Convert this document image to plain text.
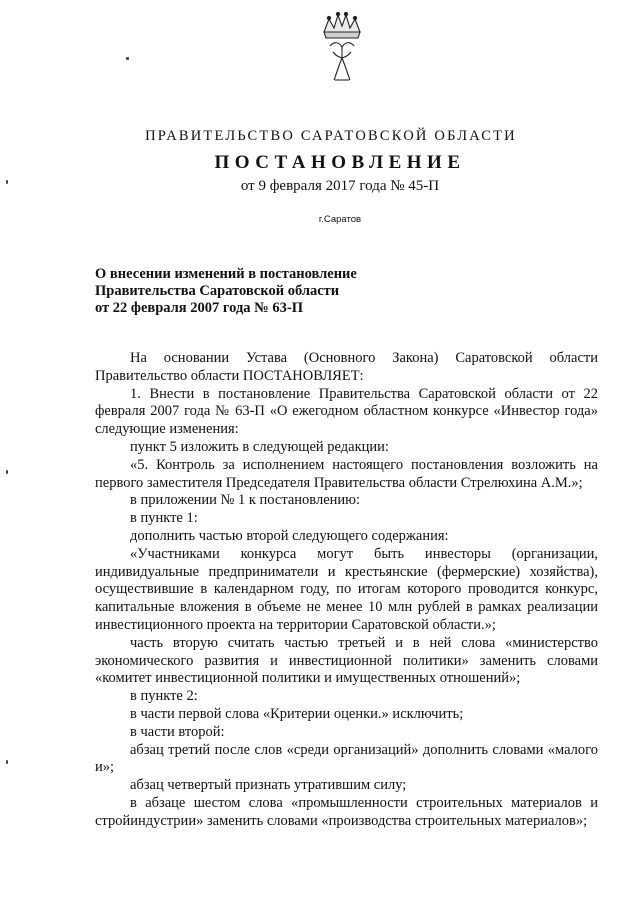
ПРАВИТЕЛЬСТВО САРАТОВСКОЙ ОБЛАСТИ
ПОСТАНОВЛЕНИЕ
от 9 февраля 2017 года № 45-П
г.Саратов
О внесении изменений в постановление
Правительства Саратовской области
от 22 февраля 2007 года № 63-П

На основании Устава (Основного Закона) Саратовской области Правительство области ПОСТАНОВЛЯЕТ:

1. Внести в постановление Правительства Саратовской области от 22 февраля 2007 года № 63-П «О ежегодном областном конкурсе «Инвестор года» следующие изменения:

пункт 5 изложить в следующей редакции:

«5. Контроль за исполнением настоящего постановления возложить на первого заместителя Председателя Правительства области Стрелюхина А.М.»;

в приложении № 1 к постановлению:

в пункте 1:

дополнить частью второй следующего содержания:

«Участниками конкурса могут быть инвесторы (организации, индивидуальные предприниматели и крестьянские (фермерские) хозяйства), осуществившие в календарном году, по итогам которого проводится конкурс, капитальные вложения в объеме не менее 10 млн рублей в рамках реализации инвестиционного проекта на территории Саратовской области.»;

часть вторую считать частью третьей и в ней слова «министерство экономического развития и инвестиционной политики» заменить словами «комитет инвестиционной политики и имущественных отношений»;

в пункте 2:

в части первой слова «Критерии оценки.» исключить;

в части второй:

абзац третий после слов «среди организаций» дополнить словами «малого и»;

абзац четвертый признать утратившим силу;

в абзаце шестом слова «промышленности строительных материалов и стройиндустрии» заменить словами «производства строительных материалов»;
